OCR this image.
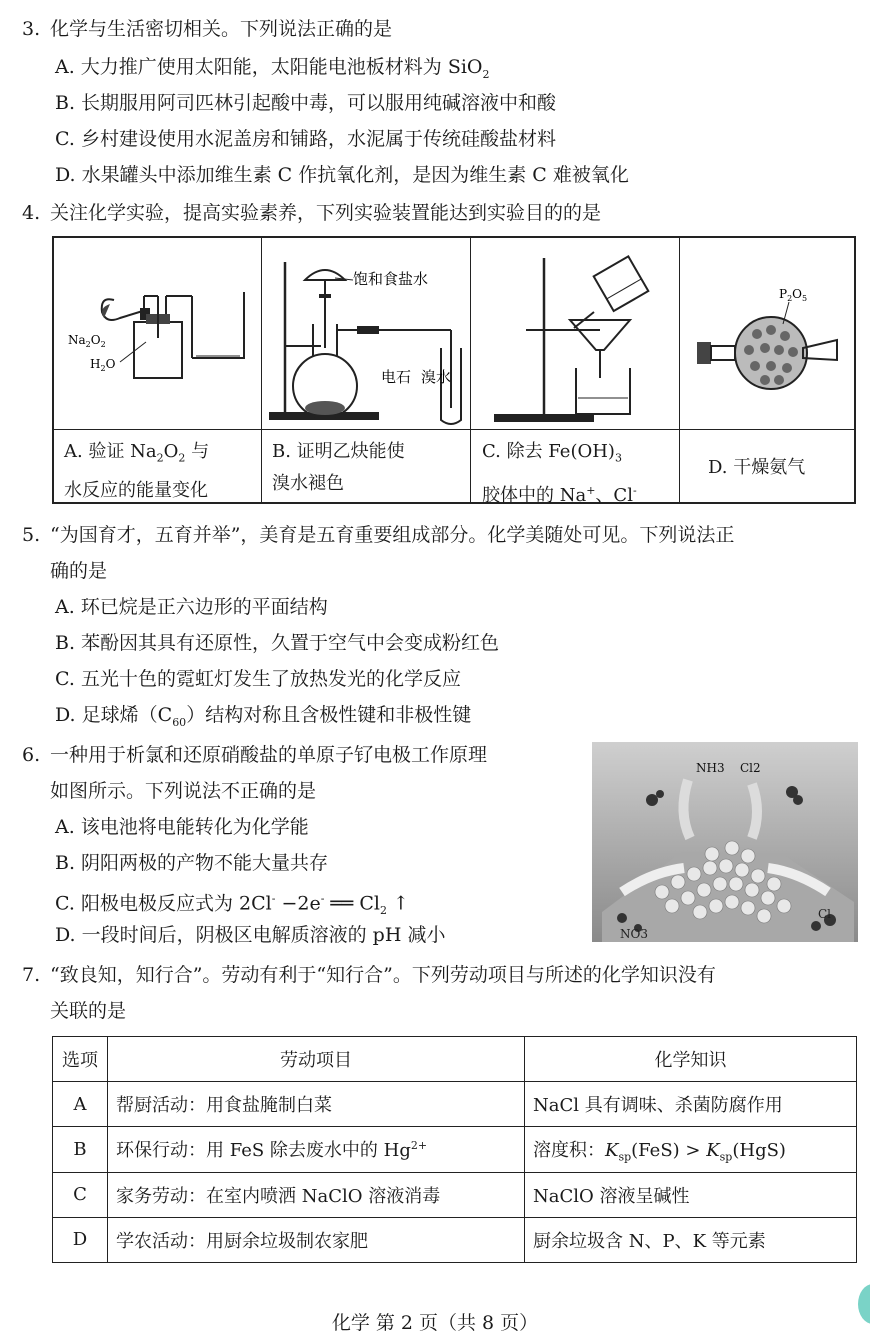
3. 化学与生活密切相关。下列说法正确的是
A. 大力推广使用太阳能，太阳能电池板材料为 SiO$_2$
B. 长期服用阿司匹林引起酸中毒，可以服用纯碱溶液中和酸
C. 乡村建设使用水泥盖房和铺路，水泥属于传统硅酸盐材料
D. 水果罐头中添加维生素 C 作抗氧化剂，是因为维生素 C 难被氧化
4. 关注化学实验，提高实验素养，下列实验装置能达到实验目的的是
$Na_2O_2$
$H_2O$
饱和食盐水
电石 溴水
$P_2O_5$
A. 验证 $Na_2O_2$ 与
水反应的能量变化
B. 证明乙炔能使
溴水褪色
C. 除去 $Fe(OH)_3$
胶体中的 Na+、Cl-
D. 干燥氨气
5. “为国育才，五育并举”，美育是五育重要组成部分。化学美随处可见。下列说法正
确的是
A. 环已烷是正六边形的平面结构
B. 苯酚因其具有还原性，久置于空气中会变成粉红色
C. 五光十色的霓虹灯发生了放热发光的化学反应
D. 足球烯$(C_{60})$结构对称且含极性键和非极性键
6. 一种用于析氯和还原硝酸盐的单原子钌电极工作原理
如图所示。下列说法不正确的是
A. 该电池将电能转化为化学能
B. 阴阳两极的产物不能大量共存
C. 阳极电极反应式为 2Cl- −2e- ══ $Cl_2$ ↑
D. 一段时间后，阴极区电解质溶液的 pH 减小
NH3 Cl2
NO3
Cl
7. “致良知，知行合”。劳动有利于“知行合”。下列劳动项目与所述的化学知识没有
关联的是
选项	劳动项目	化学知识
A	帮厨活动：用食盐腌制白菜	NaCl 具有调味、杀菌防腐作用
B	环保行动：用 FeS 除去废水中的 $Hg^{2+}$	溶度积：$K_{sp}(FeS) > K_{sp}(HgS)$
C	家务劳动：在室内喷洒 NaClO 溶液消毒	NaClO 溶液呈碱性
D	学农活动：用厨余垃圾制农家肥	厨余垃圾含 N、P、K 等元素
化学 第 2 页（共 8 页）
